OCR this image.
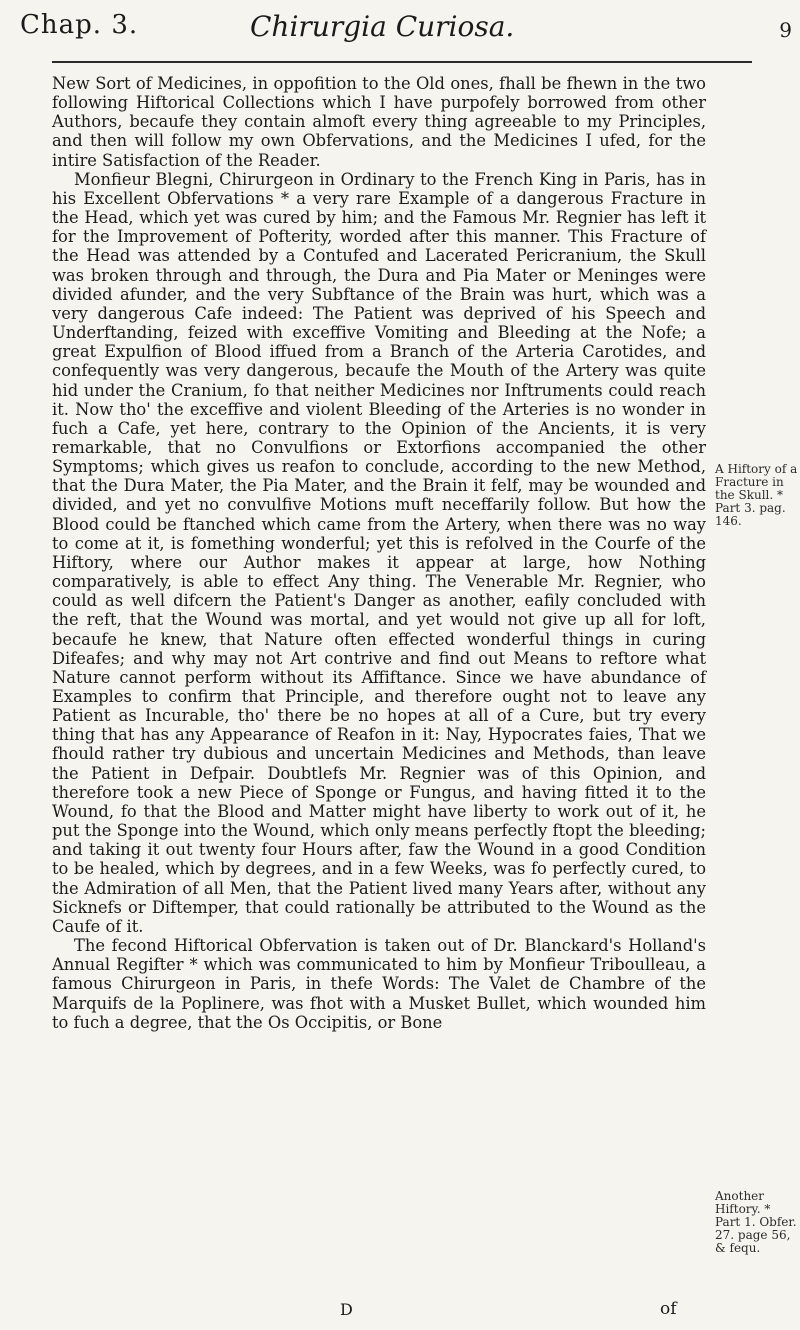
Chap. 3.	Chirurgia Curiosa.	9

New Sort of Medicines, in oppofition to the Old ones, fhall be fhewn in the two following Hiftorical Collections which I have purpofely borrowed from other Authors, becaufe they contain almoft every thing agreeable to my Principles, and then will follow my own Obfervations, and the Medicines I ufed, for the intire Satisfaction of the Reader.

Monfieur Blegni, Chirurgeon in Ordinary to the French King in Paris, has in his Excellent Obfervations * a very rare Example of a dangerous Fracture in the Head, which yet was cured by him; and the Famous Mr. Regnier has left it for the Improvement of Pofterity, worded after this manner. This Fracture of the Head was attended by a Contufed and Lacerated Pericranium, the Skull was broken through and through, the Dura and Pia Mater or Meninges were divided afunder, and the very Subftance of the Brain was hurt, which was a very dangerous Cafe indeed: The Patient was deprived of his Speech and Underftanding, feized with exceffive Vomiting and Bleeding at the Nofe; a great Expulfion of Blood iffued from a Branch of the Arteria Carotides, and confequently was very dangerous, becaufe the Mouth of the Artery was quite hid under the Cranium, fo that neither Medicines nor Inftruments could reach it. Now tho' the exceffive and violent Bleeding of the Arteries is no wonder in fuch a Cafe, yet here, contrary to the Opinion of the Ancients, it is very remarkable, that no Convulfions or Extorfions accompanied the other Symptoms; which gives us reafon to conclude, according to the new Method, that the Dura Mater, the Pia Mater, and the Brain it felf, may be wounded and divided, and yet no convulfive Motions muft neceffarily follow. But how the Blood could be ftanched which came from the Artery, when there was no way to come at it, is fomething wonderful; yet this is refolved in the Courfe of the Hiftory, where our Author makes it appear at large, how Nothing comparatively, is able to effect Any thing. The Venerable Mr. Regnier, who could as well difcern the Patient's Danger as another, eafily concluded with the reft, that the Wound was mortal, and yet would not give up all for loft, becaufe he knew, that Nature often effected wonderful things in curing Difeafes; and why may not Art contrive and find out Means to reftore what Nature cannot perform without its Affiftance. Since we have abundance of Examples to confirm that Principle, and therefore ought not to leave any Patient as Incurable, tho' there be no hopes at all of a Cure, but try every thing that has any Appearance of Reafon in it: Nay, Hypocrates faies, That we fhould rather try dubious and uncertain Medicines and Methods, than leave the Patient in Defpair. Doubtlefs Mr. Regnier was of this Opinion, and therefore took a new Piece of Sponge or Fungus, and having fitted it to the Wound, fo that the Blood and Matter might have liberty to work out of it, he put the Sponge into the Wound, which only means perfectly ftopt the bleeding; and taking it out twenty four Hours after, faw the Wound in a good Condition to be healed, which by degrees, and in a few Weeks, was fo perfectly cured, to the Admiration of all Men, that the Patient lived many Years after, without any Sicknefs or Diftemper, that could rationally be attributed to the Wound as the Caufe of it.

The fecond Hiftorical Obfervation is taken out of Dr. Blanckard's Holland's Annual Regifter * which was communicated to him by Monfieur Triboulleau, a famous Chirurgeon in Paris, in thefe Words: The Valet de Chambre of the Marquifs de la Poplinere, was fhot with a Musket Bullet, which wounded him to fuch a degree, that the Os Occipitis, or Bone

A Hiftory of a Fracture in the Skull. * Part 3. pag. 146.
Another Hiftory. * Part 1. Obfer. 27. page 56, & fequ.
D	of
